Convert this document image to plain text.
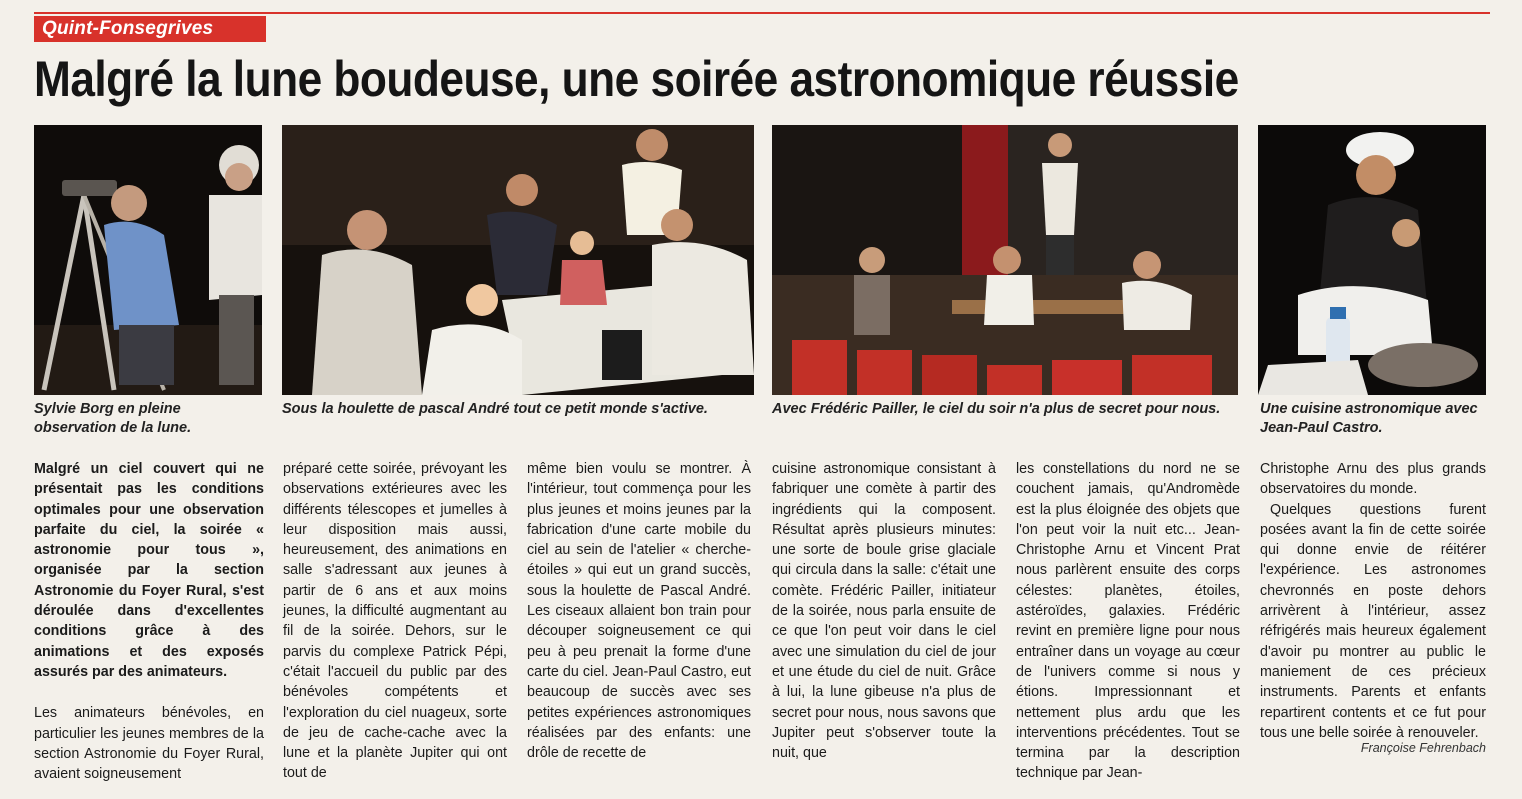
Quint-Fonsegrives
Malgré la lune boudeuse, une soirée astronomique réussie
Sylvie Borg en pleine observation de la lune.
Sous la houlette de pascal André tout ce petit monde s'active.	Avec Frédéric Pailler, le ciel du soir n'a plus de secret pour nous.	Une cuisine astronomique avec Jean-Paul Castro.

Malgré un ciel couvert qui ne présentait pas les conditions optimales pour une observation parfaite du ciel, la soirée « astronomie pour tous », organisée par la section Astronomie du Foyer Rural, s'est déroulée dans d'excellentes conditions grâce à des animations et des exposés assurés par des animateurs.

Les animateurs bénévoles, en particulier les jeunes membres de la section Astronomie du Foyer Rural, avaient soigneusement

préparé cette soirée, prévoyant les observations extérieures avec les différents télescopes et jumelles à leur disposition mais aussi, heureusement, des animations en salle s'adressant aux jeunes à partir de 6 ans et aux moins jeunes, la difficulté augmentant au fil de la soirée. Dehors, sur le parvis du complexe Patrick Pépi, c'était l'accueil du public par des bénévoles compétents et l'exploration du ciel nuageux, sorte de jeu de cache-cache avec la lune et la planète Jupiter qui ont tout de

même bien voulu se montrer. À l'intérieur, tout commença pour les plus jeunes et moins jeunes par la fabrication d'une carte mobile du ciel au sein de l'atelier « cherche-étoiles » qui eut un grand succès, sous la houlette de Pascal André. Les ciseaux allaient bon train pour découper soigneusement ce qui peu à peu prenait la forme d'une carte du ciel. Jean-Paul Castro, eut beaucoup de succès avec ses petites expériences astronomiques réalisées par des enfants: une drôle de recette de

cuisine astronomique consistant à fabriquer une comète à partir des ingrédients qui la composent. Résultat après plusieurs minutes: une sorte de boule grise glaciale qui circula dans la salle: c'était une comète. Frédéric Pailler, initiateur de la soirée, nous parla ensuite de ce que l'on peut voir dans le ciel avec une simulation du ciel de jour et une étude du ciel de nuit. Grâce à lui, la lune gibeuse n'a plus de secret pour nous, nous savons que Jupiter peut s'observer toute la nuit, que

les constellations du nord ne se couchent jamais, qu'Andromède est la plus éloignée des objets que l'on peut voir la nuit etc... Jean-Christophe Arnu et Vincent Prat nous parlèrent ensuite des corps célestes: planètes, étoiles, astéroïdes, galaxies. Frédéric revint en première ligne pour nous entraîner dans un voyage au cœur de l'univers comme si nous y étions. Impressionnant et nettement plus ardu que les interventions précédentes. Tout se termina par la description technique par Jean-

Christophe Arnu des plus grands observatoires du monde.

Quelques questions furent posées avant la fin de cette soirée qui donne envie de réitérer l'expérience. Les astronomes chevronnés en poste dehors arrivèrent à l'intérieur, assez réfrigérés mais heureux également d'avoir pu montrer au public le maniement de ces précieux instruments. Parents et enfants repartirent contents et ce fut pour tous une belle soirée à renouveler.

Françoise Fehrenbach
